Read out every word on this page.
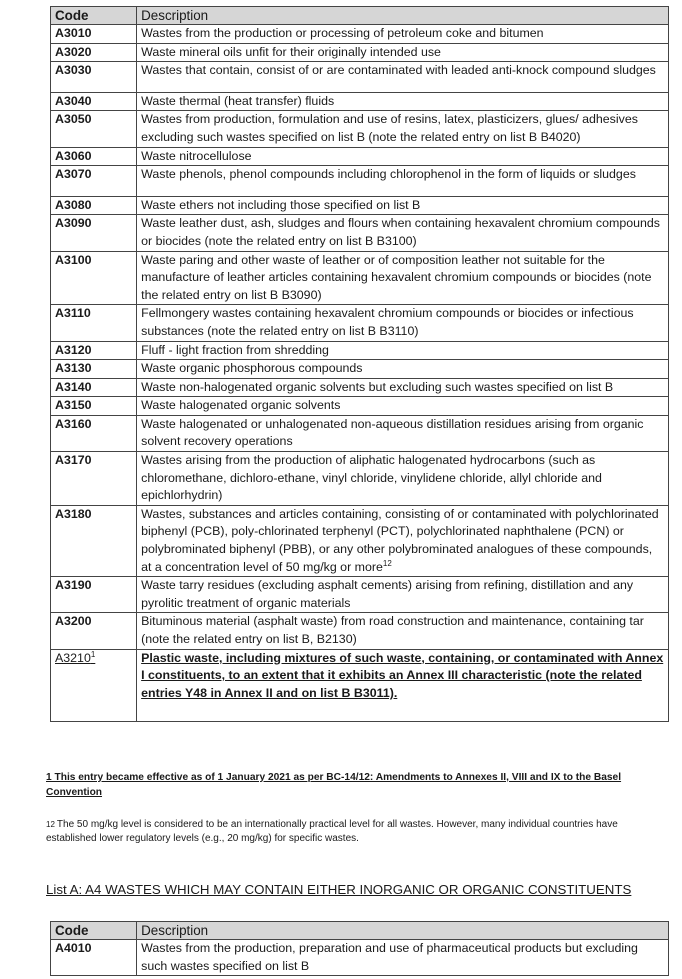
Code	Description
A3010	Wastes from the production or processing of petroleum coke and bitumen
A3020	Waste mineral oils unfit for their originally intended use
A3030	Wastes that contain, consist of or are contaminated with leaded anti-knock compound sludges
A3040	Waste thermal (heat transfer) fluids
A3050	Wastes from production, formulation and use of resins, latex, plasticizers, glues/ adhesives excluding such wastes specified on list B (note the related entry on list B B4020)
A3060	Waste nitrocellulose
A3070	Waste phenols, phenol compounds including chlorophenol in the form of liquids or sludges
A3080	Waste ethers not including those specified on list B
A3090	Waste leather dust, ash, sludges and flours when containing hexavalent chromium compounds or biocides (note the related entry on list B B3100)
A3100	Waste paring and other waste of leather or of composition leather not suitable for the manufacture of leather articles containing hexavalent chromium compounds or biocides (note the related entry on list B B3090)
A3110	Fellmongery wastes containing hexavalent chromium compounds or biocides or infectious substances (note the related entry on list B B3110)
A3120	Fluff - light fraction from shredding
A3130	Waste organic phosphorous compounds
A3140	Waste non-halogenated organic solvents but excluding such wastes specified on list B
A3150	Waste halogenated organic solvents
A3160	Waste halogenated or unhalogenated non-aqueous distillation residues arising from organic solvent recovery operations
A3170	Wastes arising from the production of aliphatic halogenated hydrocarbons (such as chloromethane, dichloro-ethane, vinyl chloride, vinylidene chloride, allyl chloride and epichlorhydrin)
A3180	Wastes, substances and articles containing, consisting of or contaminated with polychlorinated biphenyl (PCB), poly-chlorinated terphenyl (PCT), polychlorinated naphthalene (PCN) or polybrominated biphenyl (PBB), or any other polybrominated analogues of these compounds, at a concentration level of 50 mg/kg or more$^{12}$
A3190	Waste tarry residues (excluding asphalt cements) arising from refining, distillation and any pyrolitic treatment of organic materials
A3200	Bituminous material (asphalt waste) from road construction and maintenance, containing tar (note the related entry on list B, B2130)
A3210$^1$	Plastic waste, including mixtures of such waste, containing, or contaminated with Annex I constituents, to an extent that it exhibits an Annex III characteristic (note the related entries Y48 in Annex II and on list B B3011).
1 This entry became effective as of 1 January 2021 as per BC-14/12: Amendments to Annexes II, VIII and IX to the Basel Convention
12 The 50 mg/kg level is considered to be an internationally practical level for all wastes. However, many individual countries have established lower regulatory levels (e.g., 20 mg/kg) for specific wastes.
List A: A4 WASTES WHICH MAY CONTAIN EITHER INORGANIC OR ORGANIC CONSTITUENTS
Code	Description
A4010	Wastes from the production, preparation and use of pharmaceutical products but excluding such wastes specified on list B
